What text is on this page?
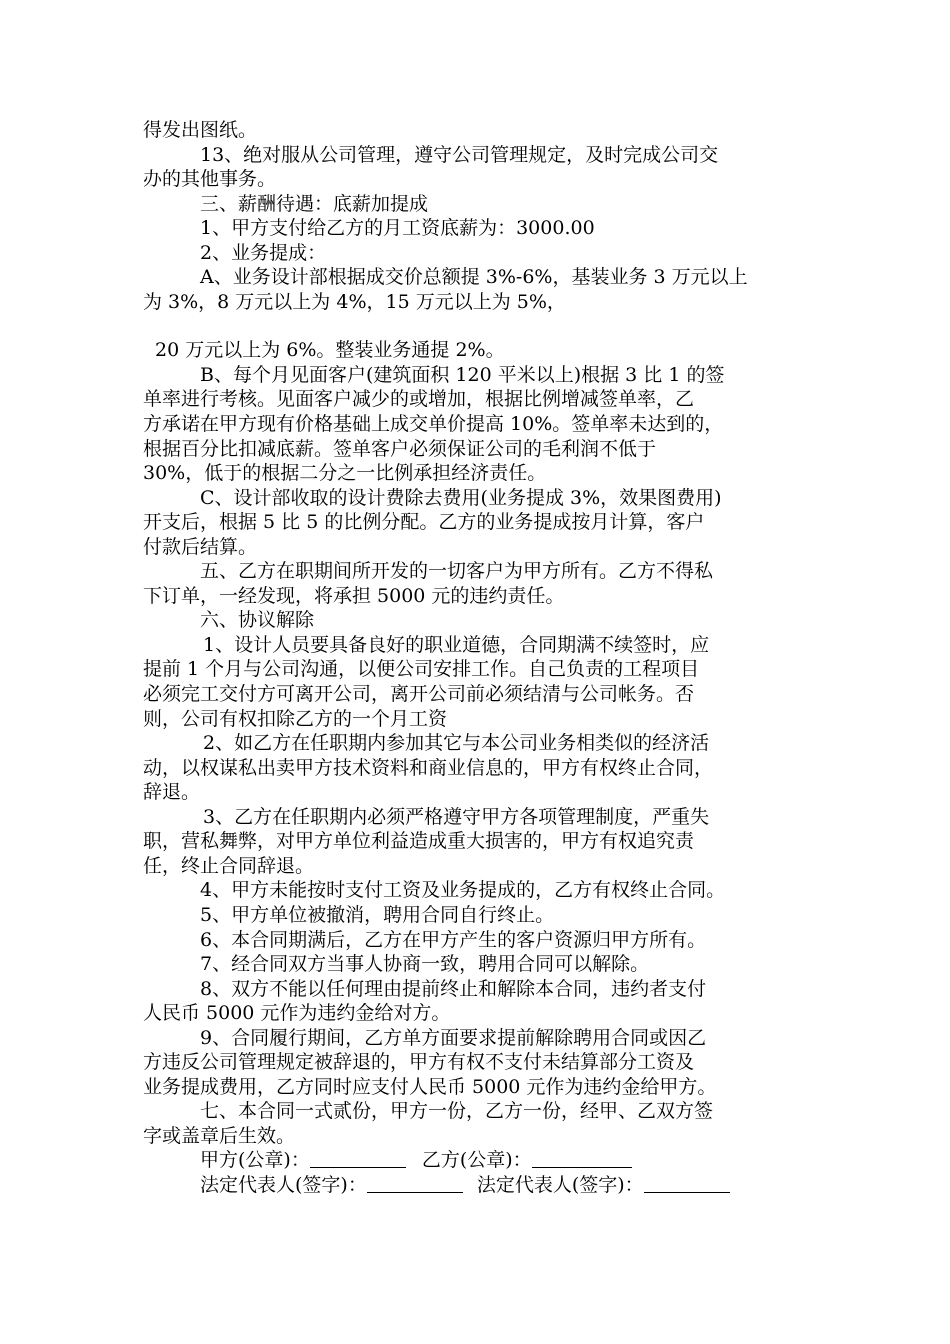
得发出图纸。
13、绝对服从公司管理，遵守公司管理规定，及时完成公司交
办的其他事务。
三、薪酬待遇：底薪加提成
1、甲方支付给乙方的月工资底薪为：3000.00
2、业务提成：
A、业务设计部根据成交价总额提 3%-6%，基装业务 3 万元以上
为 3%，8 万元以上为 4%，15 万元以上为 5%，
20 万元以上为 6%。整装业务通提 2%。
B、每个月见面客户(建筑面积 120 平米以上)根据 3 比 1 的签
单率进行考核。见面客户减少的或增加，根据比例增减签单率，乙
方承诺在甲方现有价格基础上成交单价提高 10%。签单率未达到的，
根据百分比扣减底薪。签单客户必须保证公司的毛利润不低于
30%，低于的根据二分之一比例承担经济责任。
C、设计部收取的设计费除去费用(业务提成 3%，效果图费用)
开支后，根据 5 比 5 的比例分配。乙方的业务提成按月计算，客户
付款后结算。
五、乙方在职期间所开发的一切客户为甲方所有。乙方不得私
下订单，一经发现，将承担 5000 元的违约责任。
六、协议解除
1、设计人员要具备良好的职业道德，合同期满不续签时，应
提前 1 个月与公司沟通，以便公司安排工作。自己负责的工程项目
必须完工交付方可离开公司，离开公司前必须结清与公司帐务。否
则，公司有权扣除乙方的一个月工资
2、如乙方在任职期内参加其它与本公司业务相类似的经济活
动，以权谋私出卖甲方技术资料和商业信息的，甲方有权终止合同，
辞退。
3、乙方在任职期内必须严格遵守甲方各项管理制度，严重失
职，营私舞弊，对甲方单位利益造成重大损害的，甲方有权追究责
任，终止合同辞退。
4、甲方未能按时支付工资及业务提成的，乙方有权终止合同。
5、甲方单位被撤消，聘用合同自行终止。
6、本合同期满后，乙方在甲方产生的客户资源归甲方所有。
7、经合同双方当事人协商一致，聘用合同可以解除。
8、双方不能以任何理由提前终止和解除本合同，违约者支付
人民币 5000 元作为违约金给对方。
9、合同履行期间，乙方单方面要求提前解除聘用合同或因乙
方违反公司管理规定被辞退的，甲方有权不支付未结算部分工资及
业务提成费用，乙方同时应支付人民币 5000 元作为违约金给甲方。
七、本合同一式贰份，甲方一份，乙方一份，经甲、乙双方签
字或盖章后生效。
甲方(公章)：	乙方(公章)：
法定代表人(签字)：	法定代表人(签字)：
